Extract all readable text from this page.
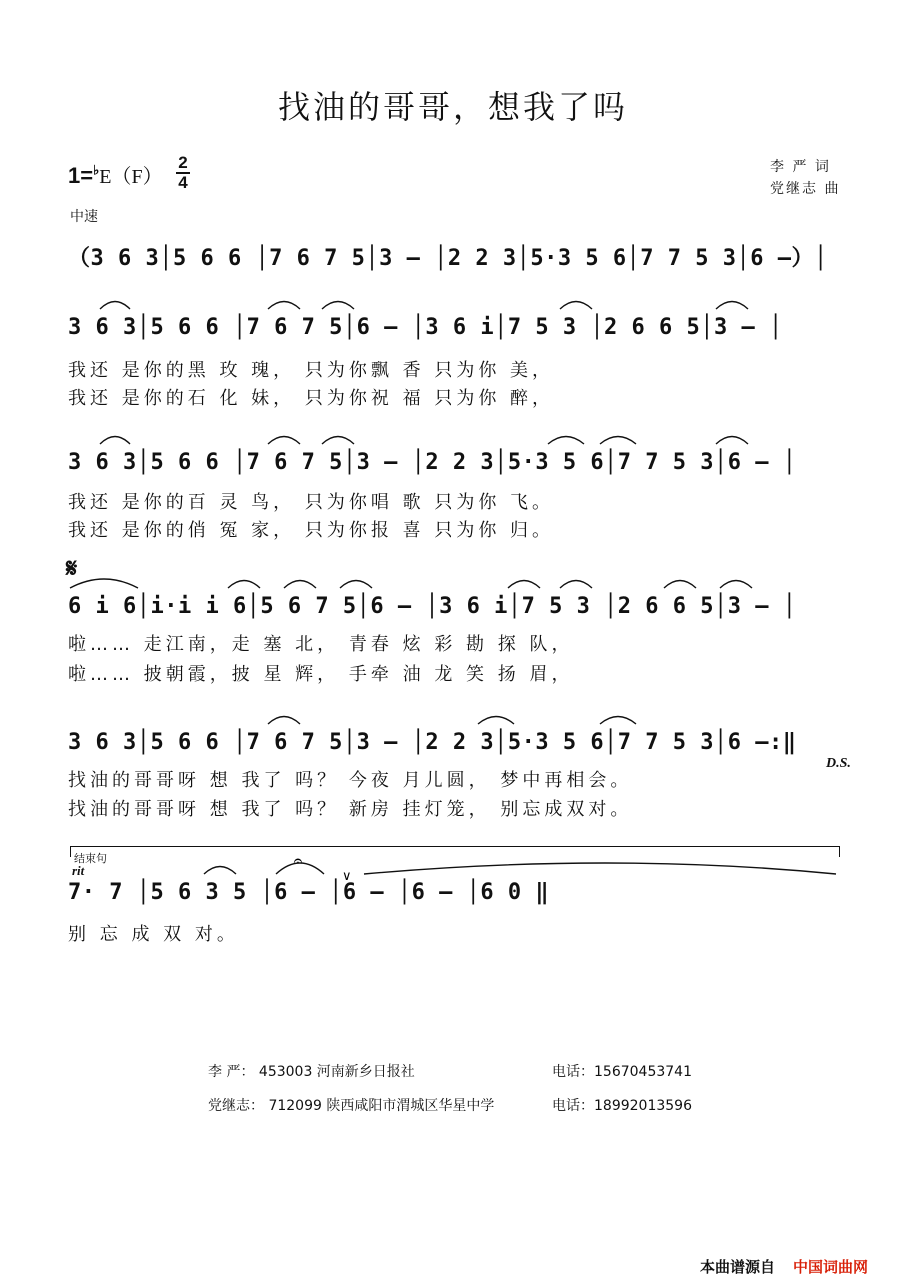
找油的哥哥，想我了吗
1=♭E（F）
2
4
李 严 词
党继志 曲
中速
（3 6 3│5 6 6 │7 6 7 5│3 – │2 2 3│5·3 5 6│7 7 5 3│6 –）│
3 6 3│5 6 6 │7 6 7 5│6 – │3 6 i│7 5 3 │2 6 6 5│3 – │
我还 是你的黑 玫 瑰， 只为你飘 香 只为你 美，
我还 是你的石 化 妹， 只为你祝 福 只为你 醉，
3 6 3│5 6 6 │7 6 7 5│3 – │2 2 3│5·3 5 6│7 7 5 3│6 – │
我还 是你的百 灵 鸟， 只为你唱 歌 只为你 飞。
我还 是你的俏 冤 家， 只为你报 喜 只为你 归。
𝄋
6 i 6│i·i i 6│5 6 7 5│6 – │3 6 i│7 5 3 │2 6 6 5│3 – │
啦…… 走江南，走 塞 北， 青春 炫 彩 勘 探 队，
啦…… 披朝霞，披 星 辉， 手牵 油 龙 笑 扬 眉，
3 6 3│5 6 6 │7 6 7 5│3 – │2 2 3│5·3 5 6│7 7 5 3│6 –:‖
D.S.
找油的哥哥呀 想 我了 吗？ 今夜 月儿圆， 梦中再相会。
找油的哥哥呀 想 我了 吗？ 新房 挂灯笼， 别忘成双对。
结束句
rit
7· 7 │5 6 3 5 │6 – │6 – │6 – │6 0 ‖
别 忘 成 双 对。
𝄐
∨
李 严： 453003 河南新乡日报社	电话：15670453741
党继志： 712099 陕西咸阳市渭城区华星中学	电话：18992013596
本曲谱源自 中国词曲网
